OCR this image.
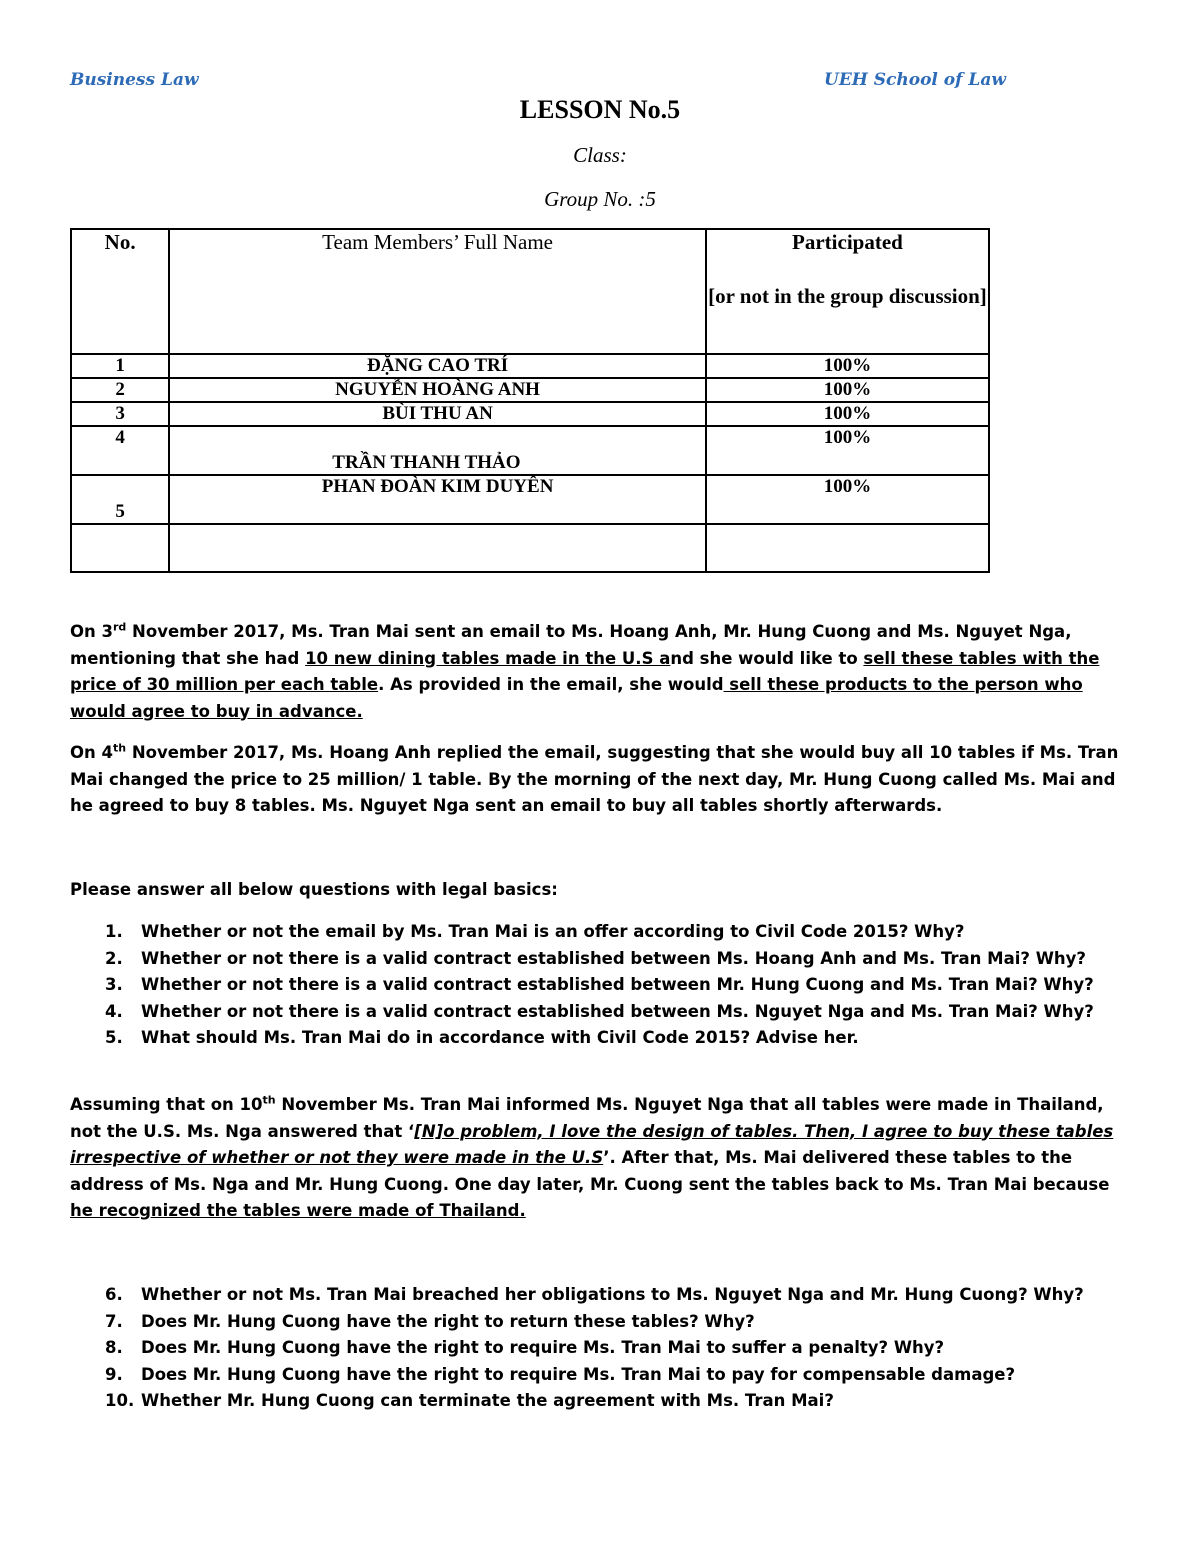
Business Law	UEH School of Law
LESSON No.5
Class:
Group No. :5
No.	Team Members’ Full Name	Participated
[or not in the group discussion]

1	ĐẶNG CAO TRÍ	100%
2	NGUYỄN HOÀNG ANH	100%
3	BÙI THU AN	100%
4	TRẦN THANH THẢO	100%
5	PHAN ĐOÀN KIM DUYÊN	100%

On 3rd November 2017, Ms. Tran Mai sent an email to Ms. Hoang Anh, Mr. Hung Cuong and Ms. Nguyet Nga, mentioning that she had 10 new dining tables made in the U.S and she would like to sell these tables with the price of 30 million per each table. As provided in the email, she would sell these products to the person who would agree to buy in advance.

On 4th November 2017, Ms. Hoang Anh replied the email, suggesting that she would buy all 10 tables if Ms. Tran Mai changed the price to 25 million/ 1 table. By the morning of the next day, Mr. Hung Cuong called Ms. Mai and he agreed to buy 8 tables. Ms. Nguyet Nga sent an email to buy all tables shortly afterwards.

Please answer all below questions with legal basics:
1. Whether or not the email by Ms. Tran Mai is an offer according to Civil Code 2015? Why?
2. Whether or not there is a valid contract established between Ms. Hoang Anh and Ms. Tran Mai? Why?
3. Whether or not there is a valid contract established between Mr. Hung Cuong and Ms. Tran Mai? Why?
4. Whether or not there is a valid contract established between Ms. Nguyet Nga and Ms. Tran Mai? Why?
5. What should Ms. Tran Mai do in accordance with Civil Code 2015? Advise her.

Assuming that on 10th November Ms. Tran Mai informed Ms. Nguyet Nga that all tables were made in Thailand, not the U.S. Ms. Nga answered that ‘[N]o problem, I love the design of tables. Then, I agree to buy these tables irrespective of whether or not they were made in the U.S’. After that, Ms. Mai delivered these tables to the address of Ms. Nga and Mr. Hung Cuong. One day later, Mr. Cuong sent the tables back to Ms. Tran Mai because he recognized the tables were made of Thailand.

6. Whether or not Ms. Tran Mai breached her obligations to Ms. Nguyet Nga and Mr. Hung Cuong? Why?
7. Does Mr. Hung Cuong have the right to return these tables? Why?
8. Does Mr. Hung Cuong have the right to require Ms. Tran Mai to suffer a penalty? Why?
9. Does Mr. Hung Cuong have the right to require Ms. Tran Mai to pay for compensable damage?
10. Whether Mr. Hung Cuong can terminate the agreement with Ms. Tran Mai?
